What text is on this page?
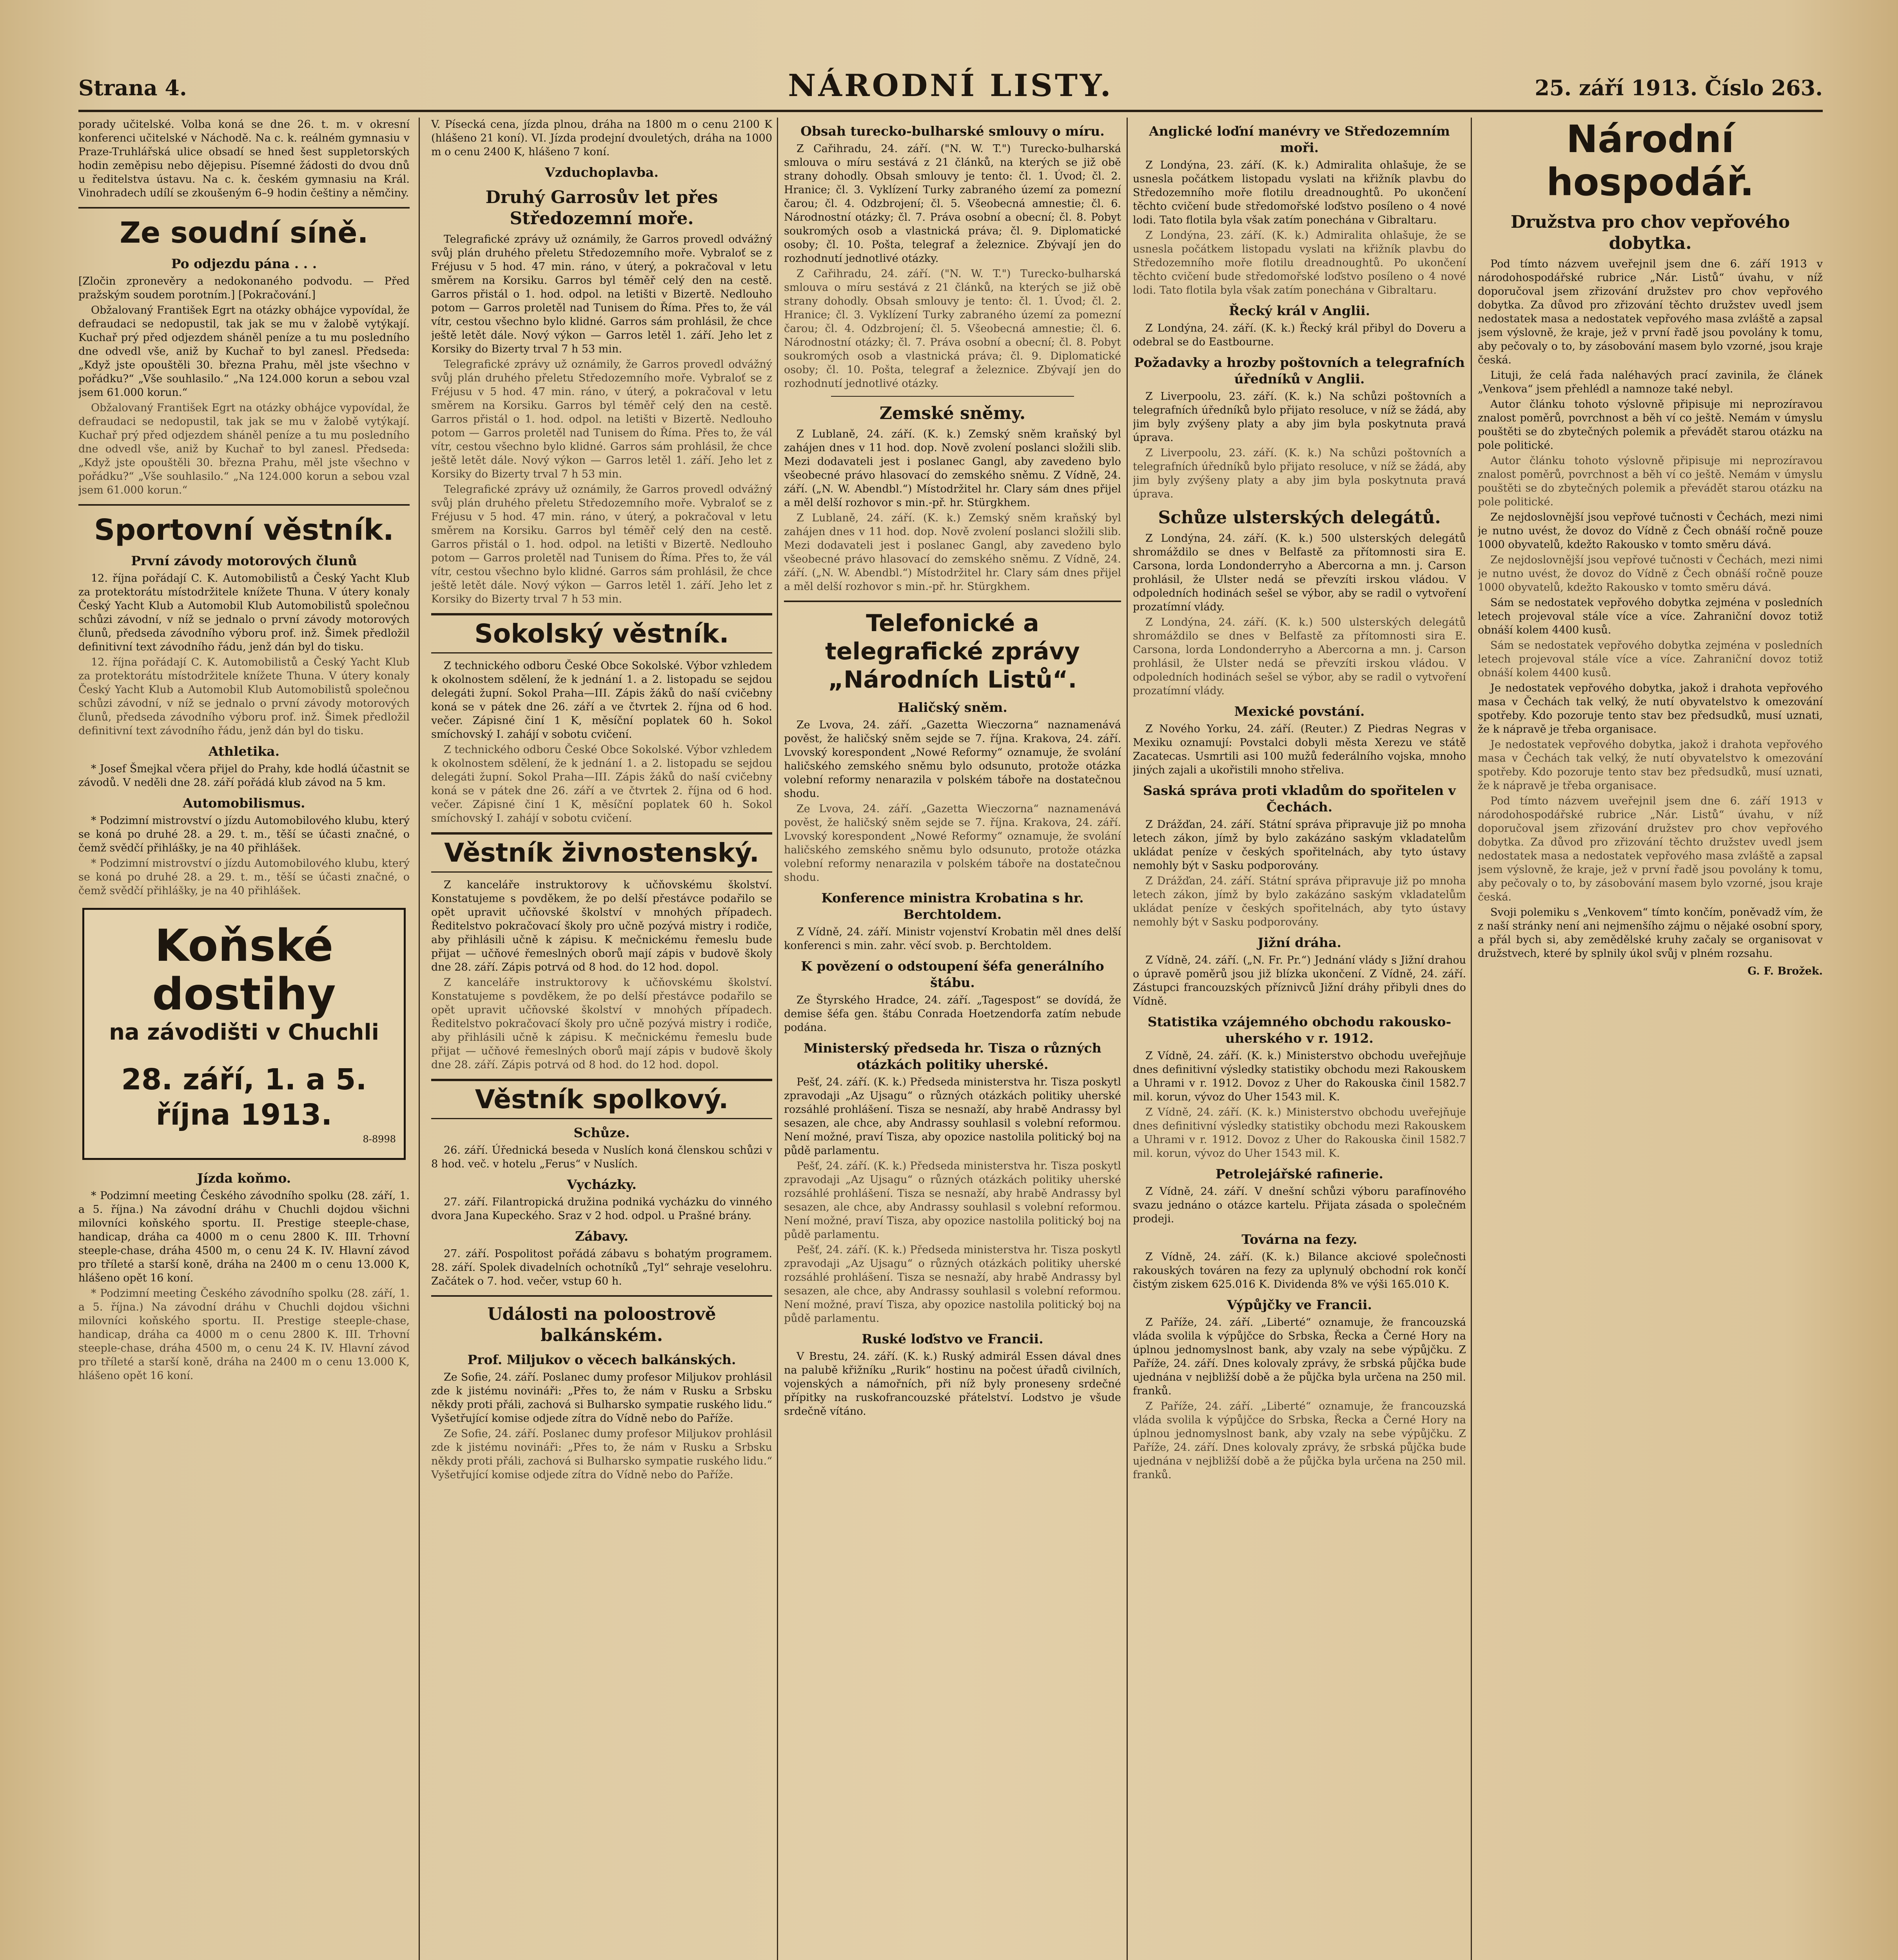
Strana 4.	NÁRODNÍ LISTY.	25. září 1913. Číslo 263.

porady učitelské. Volba koná se dne 26. t. m. v okresní konferenci učitelské v Náchodě. Na c. k. reálném gymnasiu v Praze-Truhlářská ulice obsadí se hned šest suppletorských hodin zeměpisu nebo dějepisu. Písemné žádosti do dvou dnů u ředitelstva ústavu. Na c. k. českém gymnasiu na Král. Vinohradech udílí se zkoušeným 6–9 hodin češtiny a němčiny.

Ze soudní síně.
Po odjezdu pána . . .

[Zločin zpronevěry a nedokonaného podvodu. — Před pražským soudem porotním.] [Pokračování.]

Obžalovaný František Egrt na otázky obhájce vypovídal, že defraudaci se nedopustil, tak jak se mu v žalobě vytýkají. Kuchař prý před odjezdem sháněl peníze a tu mu posledního dne odvedl vše, aniž by Kuchař to byl zanesl. Předseda: „Když jste opouštěli 30. března Prahu, měl jste všechno v pořádku?“ „Vše souhlasilo.“ „Na 124.000 korun a sebou vzal jsem 61.000 korun.“

Obžalovaný František Egrt na otázky obhájce vypovídal, že defraudaci se nedopustil, tak jak se mu v žalobě vytýkají. Kuchař prý před odjezdem sháněl peníze a tu mu posledního dne odvedl vše, aniž by Kuchař to byl zanesl. Předseda: „Když jste opouštěli 30. března Prahu, měl jste všechno v pořádku?“ „Vše souhlasilo.“ „Na 124.000 korun a sebou vzal jsem 61.000 korun.“

Sportovní věstník.
První závody motorových člunů

12. října pořádají C. K. Automobilistů a Český Yacht Klub za protektorátu místodržitele knížete Thuna. V útery konaly Český Yacht Klub a Automobil Klub Automobilistů společnou schůzi závodní, v níž se jednalo o první závody motorových člunů, předseda závodního výboru prof. inž. Šimek předložil definitivní text závodního řádu, jenž dán byl do tisku.

12. října pořádají C. K. Automobilistů a Český Yacht Klub za protektorátu místodržitele knížete Thuna. V útery konaly Český Yacht Klub a Automobil Klub Automobilistů společnou schůzi závodní, v níž se jednalo o první závody motorových člunů, předseda závodního výboru prof. inž. Šimek předložil definitivní text závodního řádu, jenž dán byl do tisku.

Athletika.

* Josef Šmejkal včera přijel do Prahy, kde hodlá účastnit se závodů. V neděli dne 28. září pořádá klub závod na 5 km.

Automobilismus.

* Podzimní mistrovství o jízdu Automobilového klubu, který se koná po druhé 28. a 29. t. m., těší se účasti značné, o čemž svědčí přihlášky, je na 40 přihlášek.

* Podzimní mistrovství o jízdu Automobilového klubu, který se koná po druhé 28. a 29. t. m., těší se účasti značné, o čemž svědčí přihlášky, je na 40 přihlášek.

Koňské dostihy
na závodišti v Chuchli
28. září, 1. a 5. října 1913.
8-8998
Jízda koňmo.

* Podzimní meeting Českého závodního spolku (28. září, 1. a 5. října.) Na závodní dráhu v Chuchli dojdou všichni milovníci koňského sportu. II. Prestige steeple-chase, handicap, dráha ca 4000 m o cenu 2800 K. III. Trhovní steeple-chase, dráha 4500 m, o cenu 24 K. IV. Hlavní závod pro tříleté a starší koně, dráha na 2400 m o cenu 13.000 K, hlášeno opět 16 koní.

* Podzimní meeting Českého závodního spolku (28. září, 1. a 5. října.) Na závodní dráhu v Chuchli dojdou všichni milovníci koňského sportu. II. Prestige steeple-chase, handicap, dráha ca 4000 m o cenu 2800 K. III. Trhovní steeple-chase, dráha 4500 m, o cenu 24 K. IV. Hlavní závod pro tříleté a starší koně, dráha na 2400 m o cenu 13.000 K, hlášeno opět 16 koní.

V. Písecká cena, jízda plnou, dráha na 1800 m o cenu 2100 K (hlášeno 21 koní). VI. Jízda prodejní dvouletých, dráha na 1000 m o cenu 2400 K, hlášeno 7 koní.

Vzduchoplavba.
Druhý Garrosův let přes Středozemní moře.

Telegrafické zprávy už oznámily, že Garros provedl odvážný svůj plán druhého přeletu Středozemního moře. Vybraloť se z Fréjusu v 5 hod. 47 min. ráno, v úterý, a pokračoval v letu směrem na Korsiku. Garros byl téměř celý den na cestě. Garros přistál o 1. hod. odpol. na letišti v Bizertě. Nedlouho potom — Garros proletěl nad Tunisem do Říma. Přes to, že vál vítr, cestou všechno bylo klidné. Garros sám prohlásil, že chce ještě letět dále. Nový výkon — Garros letěl 1. září. Jeho let z Korsiky do Bizerty trval 7 h 53 min.

Telegrafické zprávy už oznámily, že Garros provedl odvážný svůj plán druhého přeletu Středozemního moře. Vybraloť se z Fréjusu v 5 hod. 47 min. ráno, v úterý, a pokračoval v letu směrem na Korsiku. Garros byl téměř celý den na cestě. Garros přistál o 1. hod. odpol. na letišti v Bizertě. Nedlouho potom — Garros proletěl nad Tunisem do Říma. Přes to, že vál vítr, cestou všechno bylo klidné. Garros sám prohlásil, že chce ještě letět dále. Nový výkon — Garros letěl 1. září. Jeho let z Korsiky do Bizerty trval 7 h 53 min.

Telegrafické zprávy už oznámily, že Garros provedl odvážný svůj plán druhého přeletu Středozemního moře. Vybraloť se z Fréjusu v 5 hod. 47 min. ráno, v úterý, a pokračoval v letu směrem na Korsiku. Garros byl téměř celý den na cestě. Garros přistál o 1. hod. odpol. na letišti v Bizertě. Nedlouho potom — Garros proletěl nad Tunisem do Říma. Přes to, že vál vítr, cestou všechno bylo klidné. Garros sám prohlásil, že chce ještě letět dále. Nový výkon — Garros letěl 1. září. Jeho let z Korsiky do Bizerty trval 7 h 53 min.

Sokolský věstník.

Z technického odboru České Obce Sokolské. Výbor vzhledem k okolnostem sdělení, že k jednání 1. a 2. listopadu se sejdou delegáti župní. Sokol Praha—III. Zápis žáků do naší cvičebny koná se v pátek dne 26. září a ve čtvrtek 2. října od 6 hod. večer. Zápisné činí 1 K, měsíční poplatek 60 h. Sokol smíchovský I. zahájí v sobotu cvičení.

Z technického odboru České Obce Sokolské. Výbor vzhledem k okolnostem sdělení, že k jednání 1. a 2. listopadu se sejdou delegáti župní. Sokol Praha—III. Zápis žáků do naší cvičebny koná se v pátek dne 26. září a ve čtvrtek 2. října od 6 hod. večer. Zápisné činí 1 K, měsíční poplatek 60 h. Sokol smíchovský I. zahájí v sobotu cvičení.

Věstník živnostenský.

Z kanceláře instruktorovy k učňovskému školství. Konstatujeme s povděkem, že po delší přestávce podařilo se opět upravit učňovské školství v mnohých případech. Ředitelstvo pokračovací školy pro učně pozývá mistry i rodiče, aby přihlásili učně k zápisu. K mečnickému řemeslu bude přijat — učňové řemeslných oborů mají zápis v budově školy dne 28. září. Zápis potrvá od 8 hod. do 12 hod. dopol.

Z kanceláře instruktorovy k učňovskému školství. Konstatujeme s povděkem, že po delší přestávce podařilo se opět upravit učňovské školství v mnohých případech. Ředitelstvo pokračovací školy pro učně pozývá mistry i rodiče, aby přihlásili učně k zápisu. K mečnickému řemeslu bude přijat — učňové řemeslných oborů mají zápis v budově školy dne 28. září. Zápis potrvá od 8 hod. do 12 hod. dopol.

Věstník spolkový.
Schůze.

26. září. Úřednická beseda v Nuslích koná členskou schůzi v 8 hod. več. v hotelu „Ferus“ v Nuslích.

Vycházky.

27. září. Filantropická družina podniká vycházku do vinného dvora Jana Kupeckého. Sraz v 2 hod. odpol. u Prašné brány.

Zábavy.

27. září. Pospolitost pořádá zábavu s bohatým programem. 28. září. Spolek divadelních ochotníků „Tyl“ sehraje veselohru. Začátek o 7. hod. večer, vstup 60 h.

Události na poloostrově balkánském.
Prof. Miljukov o věcech balkánských.

Ze Sofie, 24. září. Poslanec dumy profesor Miljukov prohlásil zde k jistému novináři: „Přes to, že nám v Rusku a Srbsku někdy proti přáli, zachová si Bulharsko sympatie ruského lidu.“ Vyšetřující komise odjede zítra do Vídně nebo do Paříže.

Ze Sofie, 24. září. Poslanec dumy profesor Miljukov prohlásil zde k jistému novináři: „Přes to, že nám v Rusku a Srbsku někdy proti přáli, zachová si Bulharsko sympatie ruského lidu.“ Vyšetřující komise odjede zítra do Vídně nebo do Paříže.

Obsah turecko-bulharské smlouvy o míru.

Z Cařihradu, 24. září. ("N. W. T.") Turecko-bulharská smlouva o míru sestává z 21 článků, na kterých se již obě strany dohodly. Obsah smlouvy je tento: čl. 1. Úvod; čl. 2. Hranice; čl. 3. Vyklízení Turky zabraného území za pomezní čarou; čl. 4. Odzbrojení; čl. 5. Všeobecná amnestie; čl. 6. Národnostní otázky; čl. 7. Práva osobní a obecní; čl. 8. Pobyt soukromých osob a vlastnická práva; čl. 9. Diplomatické osoby; čl. 10. Pošta, telegraf a železnice. Zbývají jen do rozhodnutí jednotlivé otázky.

Z Cařihradu, 24. září. ("N. W. T.") Turecko-bulharská smlouva o míru sestává z 21 článků, na kterých se již obě strany dohodly. Obsah smlouvy je tento: čl. 1. Úvod; čl. 2. Hranice; čl. 3. Vyklízení Turky zabraného území za pomezní čarou; čl. 4. Odzbrojení; čl. 5. Všeobecná amnestie; čl. 6. Národnostní otázky; čl. 7. Práva osobní a obecní; čl. 8. Pobyt soukromých osob a vlastnická práva; čl. 9. Diplomatické osoby; čl. 10. Pošta, telegraf a železnice. Zbývají jen do rozhodnutí jednotlivé otázky.

Zemské sněmy.

Z Lublaně, 24. září. (K. k.) Zemský sněm kraňský byl zahájen dnes v 11 hod. dop. Nově zvolení poslanci složili slib. Mezi dodavateli jest i poslanec Gangl, aby zavedeno bylo všeobecné právo hlasovací do zemského sněmu. Z Vídně, 24. září. („N. W. Abendbl.“) Místodržitel hr. Clary sám dnes přijel a měl delší rozhovor s min.-př. hr. Stürgkhem.

Z Lublaně, 24. září. (K. k.) Zemský sněm kraňský byl zahájen dnes v 11 hod. dop. Nově zvolení poslanci složili slib. Mezi dodavateli jest i poslanec Gangl, aby zavedeno bylo všeobecné právo hlasovací do zemského sněmu. Z Vídně, 24. září. („N. W. Abendbl.“) Místodržitel hr. Clary sám dnes přijel a měl delší rozhovor s min.-př. hr. Stürgkhem.

Telefonické a telegrafické zprávy „Národních Listů“.
Haličský sněm.

Ze Lvova, 24. září. „Gazetta Wieczorna“ naznamenává pověst, že haličský sněm sejde se 7. října. Krakova, 24. září. Lvovský korespondent „Nowé Reformy“ oznamuje, že svolání haličského zemského sněmu bylo odsunuto, protože otázka volební reformy nenarazila v polském táboře na dostatečnou shodu.

Ze Lvova, 24. září. „Gazetta Wieczorna“ naznamenává pověst, že haličský sněm sejde se 7. října. Krakova, 24. září. Lvovský korespondent „Nowé Reformy“ oznamuje, že svolání haličského zemského sněmu bylo odsunuto, protože otázka volební reformy nenarazila v polském táboře na dostatečnou shodu.

Konference ministra Krobatina s hr. Berchtoldem.

Z Vídně, 24. září. Ministr vojenství Krobatin měl dnes delší konferenci s min. zahr. věcí svob. p. Berchtoldem.

K povězení o odstoupení šéfa generálního štábu.

Ze Štyrského Hradce, 24. září. „Tagespost“ se dovídá, že demise šéfa gen. štábu Conrada Hoetzendorfa zatím nebude podána.

Ministerský předseda hr. Tisza o různých otázkách politiky uherské.

Pešť, 24. září. (K. k.) Předseda ministerstva hr. Tisza poskytl zpravodaji „Az Ujsagu“ o různých otázkách politiky uherské rozsáhlé prohlášení. Tisza se nesnaží, aby hrabě Andrassy byl sesazen, ale chce, aby Andrassy souhlasil s volební reformou. Není možné, praví Tisza, aby opozice nastolila politický boj na půdě parlamentu.

Pešť, 24. září. (K. k.) Předseda ministerstva hr. Tisza poskytl zpravodaji „Az Ujsagu“ o různých otázkách politiky uherské rozsáhlé prohlášení. Tisza se nesnaží, aby hrabě Andrassy byl sesazen, ale chce, aby Andrassy souhlasil s volební reformou. Není možné, praví Tisza, aby opozice nastolila politický boj na půdě parlamentu.

Pešť, 24. září. (K. k.) Předseda ministerstva hr. Tisza poskytl zpravodaji „Az Ujsagu“ o různých otázkách politiky uherské rozsáhlé prohlášení. Tisza se nesnaží, aby hrabě Andrassy byl sesazen, ale chce, aby Andrassy souhlasil s volební reformou. Není možné, praví Tisza, aby opozice nastolila politický boj na půdě parlamentu.

Ruské loďstvo ve Francii.

V Brestu, 24. září. (K. k.) Ruský admirál Essen dával dnes na palubě křižníku „Rurik“ hostinu na počest úřadů civilních, vojenských a námořních, při níž byly proneseny srdečné přípitky na ruskofrancouzské přátelství. Lodstvo je všude srdečně vítáno.

Anglické loďní manévry ve Středozemním moři.

Z Londýna, 23. září. (K. k.) Admiralita ohlašuje, že se usnesla počátkem listopadu vyslati na křižník plavbu do Středozemního moře flotilu dreadnoughtů. Po ukončení těchto cvičení bude středomořské loďstvo posíleno o 4 nové lodi. Tato flotila byla však zatím ponechána v Gibraltaru.

Z Londýna, 23. září. (K. k.) Admiralita ohlašuje, že se usnesla počátkem listopadu vyslati na křižník plavbu do Středozemního moře flotilu dreadnoughtů. Po ukončení těchto cvičení bude středomořské loďstvo posíleno o 4 nové lodi. Tato flotila byla však zatím ponechána v Gibraltaru.

Řecký král v Anglii.

Z Londýna, 24. září. (K. k.) Řecký král přibyl do Doveru a odebral se do Eastbourne.

Požadavky a hrozby poštovních a telegrafních úředníků v Anglii.

Z Liverpoolu, 23. září. (K. k.) Na schůzi poštovních a telegrafních úředníků bylo přijato resoluce, v níž se žádá, aby jim byly zvýšeny platy a aby jim byla poskytnuta pravá úprava.

Z Liverpoolu, 23. září. (K. k.) Na schůzi poštovních a telegrafních úředníků bylo přijato resoluce, v níž se žádá, aby jim byly zvýšeny platy a aby jim byla poskytnuta pravá úprava.

Schůze ulsterských delegátů.

Z Londýna, 24. září. (K. k.) 500 ulsterských delegátů shromáždilo se dnes v Belfastě za přítomnosti sira E. Carsona, lorda Londonderryho a Abercorna a mn. j. Carson prohlásil, že Ulster nedá se převzíti irskou vládou. V odpoledních hodinách sešel se výbor, aby se radil o vytvoření prozatímní vlády.

Z Londýna, 24. září. (K. k.) 500 ulsterských delegátů shromáždilo se dnes v Belfastě za přítomnosti sira E. Carsona, lorda Londonderryho a Abercorna a mn. j. Carson prohlásil, že Ulster nedá se převzíti irskou vládou. V odpoledních hodinách sešel se výbor, aby se radil o vytvoření prozatímní vlády.

Mexické povstání.

Z Nového Yorku, 24. září. (Reuter.) Z Piedras Negras v Mexiku oznamují: Povstalci dobyli města Xerezu ve státě Zacatecas. Usmrtili asi 100 mužů federálního vojska, mnoho jiných zajali a ukořistili mnoho střeliva.

Saská správa proti vkladům do spořitelen v Čechách.

Z Drážďan, 24. září. Státní správa připravuje již po mnoha letech zákon, jímž by bylo zakázáno saským vkladatelům ukládat peníze v českých spořitelnách, aby tyto ústavy nemohly být v Sasku podporovány.

Z Drážďan, 24. září. Státní správa připravuje již po mnoha letech zákon, jímž by bylo zakázáno saským vkladatelům ukládat peníze v českých spořitelnách, aby tyto ústavy nemohly být v Sasku podporovány.

Jižní dráha.

Z Vídně, 24. září. („N. Fr. Pr.“) Jednání vlády s Jižní drahou o úpravě poměrů jsou již blízka ukončení. Z Vídně, 24. září. Zástupci francouzských příznivců Jižní dráhy přibyli dnes do Vídně.

Statistika vzájemného obchodu rakousko-uherského v r. 1912.

Z Vídně, 24. září. (K. k.) Ministerstvo obchodu uveřejňuje dnes definitivní výsledky statistiky obchodu mezi Rakouskem a Uhrami v r. 1912. Dovoz z Uher do Rakouska činil 1582.7 mil. korun, vývoz do Uher 1543 mil. K.

Z Vídně, 24. září. (K. k.) Ministerstvo obchodu uveřejňuje dnes definitivní výsledky statistiky obchodu mezi Rakouskem a Uhrami v r. 1912. Dovoz z Uher do Rakouska činil 1582.7 mil. korun, vývoz do Uher 1543 mil. K.

Petrolejářské rafinerie.

Z Vídně, 24. září. V dnešní schůzi výboru parafínového svazu jednáno o otázce kartelu. Přijata zásada o společném prodeji.

Továrna na fezy.

Z Vídně, 24. září. (K. k.) Bilance akciové společnosti rakouských továren na fezy za uplynulý obchodní rok končí čistým ziskem 625.016 K. Dividenda 8% ve výši 165.010 K.

Výpůjčky ve Francii.

Z Paříže, 24. září. „Liberté“ oznamuje, že francouzská vláda svolila k výpůjčce do Srbska, Řecka a Černé Hory na úplnou jednomyslnost bank, aby vzaly na sebe výpůjčku. Z Paříže, 24. září. Dnes kolovaly zprávy, že srbská půjčka bude ujednána v nejbližší době a že půjčka byla určena na 250 mil. franků.

Z Paříže, 24. září. „Liberté“ oznamuje, že francouzská vláda svolila k výpůjčce do Srbska, Řecka a Černé Hory na úplnou jednomyslnost bank, aby vzaly na sebe výpůjčku. Z Paříže, 24. září. Dnes kolovaly zprávy, že srbská půjčka bude ujednána v nejbližší době a že půjčka byla určena na 250 mil. franků.

Národní hospodář.
Družstva pro chov vepřového dobytka.

Pod tímto názvem uveřejnil jsem dne 6. září 1913 v národohospodářské rubrice „Nár. Listů“ úvahu, v níž doporučoval jsem zřizování družstev pro chov vepřového dobytka. Za důvod pro zřizování těchto družstev uvedl jsem nedostatek masa a nedostatek vepřového masa zvláště a zapsal jsem výslovně, že kraje, jež v první řadě jsou povolány k tomu, aby pečovaly o to, by zásobování masem bylo vzorné, jsou kraje česká.

Lituji, že celá řada naléhavých prací zavinila, že článek „Venkova“ jsem přehlédl a namnoze také nebyl.

Autor článku tohoto výslovně připisuje mi neprozíravou znalost poměrů, povrchnost a běh ví co ještě. Nemám v úmyslu pouštěti se do zbytečných polemik a převádět starou otázku na pole politické.

Autor článku tohoto výslovně připisuje mi neprozíravou znalost poměrů, povrchnost a běh ví co ještě. Nemám v úmyslu pouštěti se do zbytečných polemik a převádět starou otázku na pole politické.

Ze nejdoslovnější jsou vepřové tučnosti v Čechách, mezi nimi je nutno uvést, že dovoz do Vídně z Čech obnáší ročně pouze 1000 obyvatelů, kdežto Rakousko v tomto směru dává.

Ze nejdoslovnější jsou vepřové tučnosti v Čechách, mezi nimi je nutno uvést, že dovoz do Vídně z Čech obnáší ročně pouze 1000 obyvatelů, kdežto Rakousko v tomto směru dává.

Sám se nedostatek vepřového dobytka zejména v posledních letech projevoval stále více a více. Zahraniční dovoz totiž obnáší kolem 4400 kusů.

Sám se nedostatek vepřového dobytka zejména v posledních letech projevoval stále více a více. Zahraniční dovoz totiž obnáší kolem 4400 kusů.

Je nedostatek vepřového dobytka, jakož i drahota vepřového masa v Čechách tak velký, že nutí obyvatelstvo k omezování spotřeby. Kdo pozoruje tento stav bez předsudků, musí uznati, že k nápravě je třeba organisace.

Je nedostatek vepřového dobytka, jakož i drahota vepřového masa v Čechách tak velký, že nutí obyvatelstvo k omezování spotřeby. Kdo pozoruje tento stav bez předsudků, musí uznati, že k nápravě je třeba organisace.

Pod tímto názvem uveřejnil jsem dne 6. září 1913 v národohospodářské rubrice „Nár. Listů“ úvahu, v níž doporučoval jsem zřizování družstev pro chov vepřového dobytka. Za důvod pro zřizování těchto družstev uvedl jsem nedostatek masa a nedostatek vepřového masa zvláště a zapsal jsem výslovně, že kraje, jež v první řadě jsou povolány k tomu, aby pečovaly o to, by zásobování masem bylo vzorné, jsou kraje česká.

Svoji polemiku s „Venkovem“ tímto končím, poněvadž vím, že z naší stránky není ani nejmenšího zájmu o nějaké osobní spory, a přál bych si, aby zemědělské kruhy začaly se organisovat v družstvech, které by splnily úkol svůj v plném rozsahu.

G. F. Brožek.
